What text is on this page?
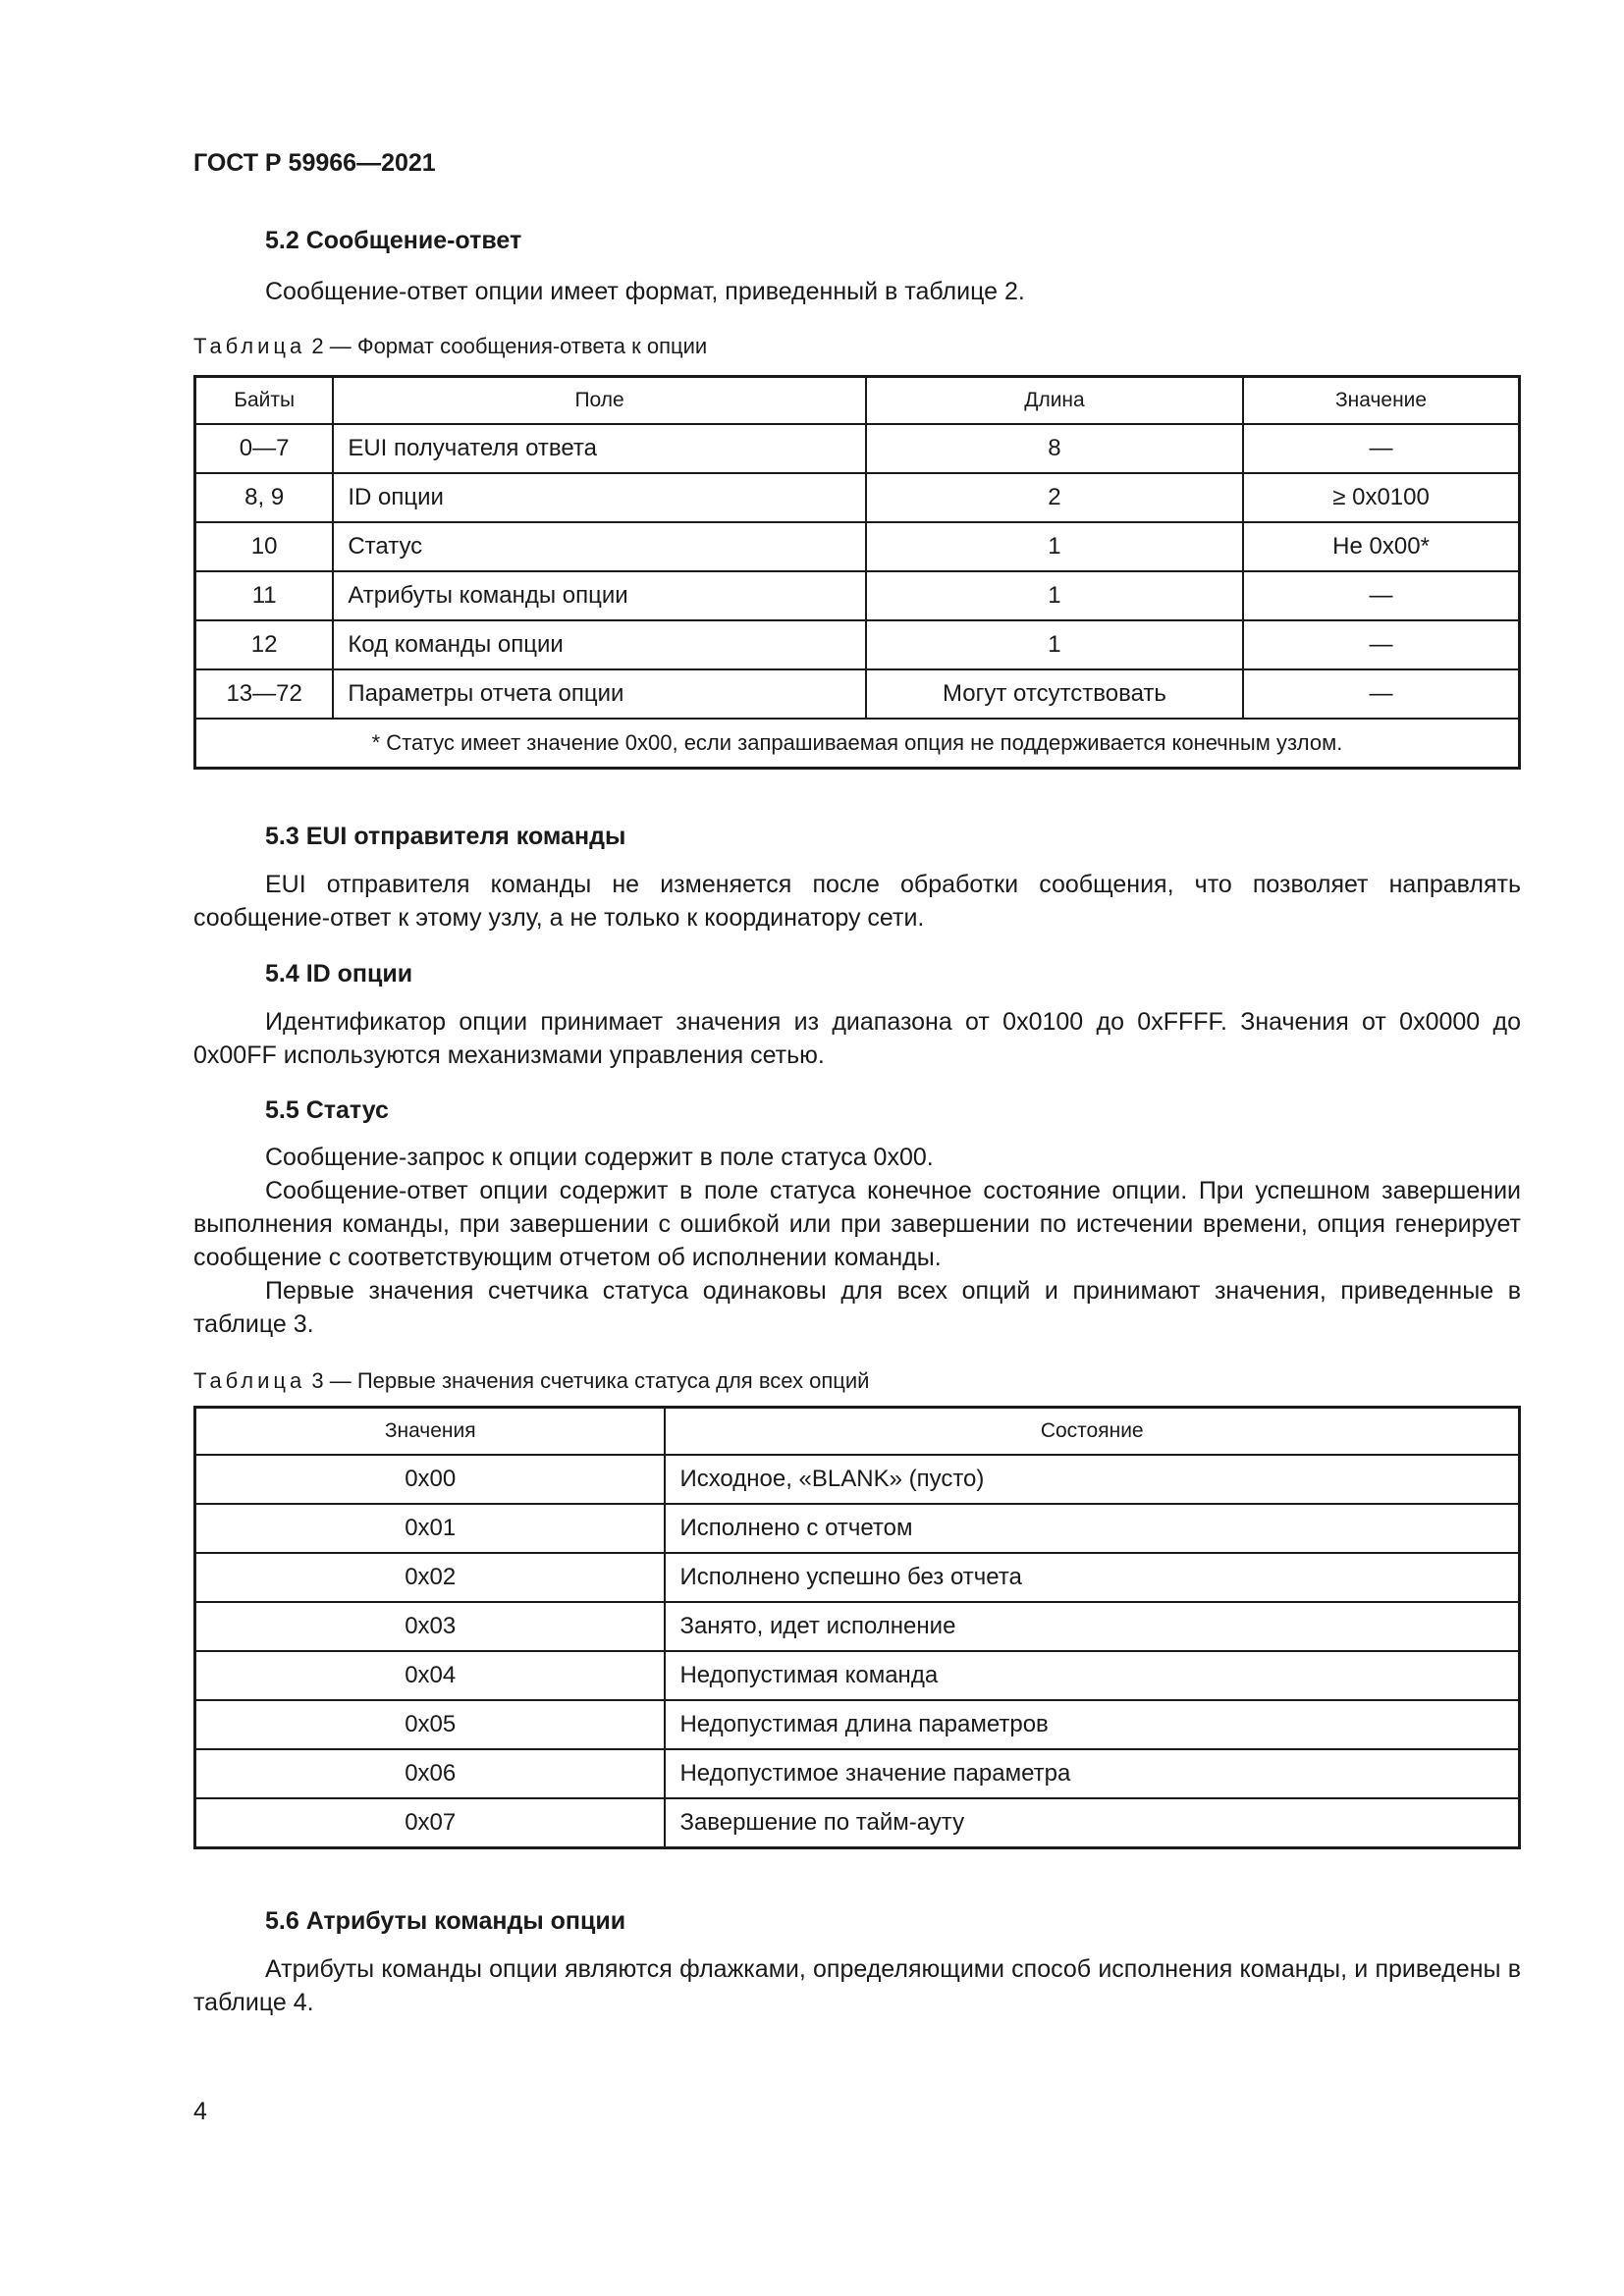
ГОСТ Р 59966—2021
5.2 Сообщение-ответ

Сообщение-ответ опции имеет формат, приведенный в таблице 2.

Таблица 2 — Формат сообщения-ответа к опции
Байты	Поле	Длина	Значение
0—7	EUI получателя ответа	8	—
8, 9	ID опции	2	≥ 0x0100
10	Статус	1	Не 0x00*
11	Атрибуты команды опции	1	—
12	Код команды опции	1	—
13—72	Параметры отчета опции	Могут отсутствовать	—
* Статус имеет значение 0x00, если запрашиваемая опция не поддерживается конечным узлом.			
5.3 EUI отправителя команды

EUI отправителя команды не изменяется после обработки сообщения, что позволяет направлять сообщение-ответ к этому узлу, а не только к координатору сети.

5.4 ID опции

Идентификатор опции принимает значения из диапазона от 0x0100 до 0xFFFF. Значения от 0x0000 до 0x00FF используются механизмами управления сетью.

5.5 Статус

Сообщение-запрос к опции содержит в поле статуса 0x00.

Сообщение-ответ опции содержит в поле статуса конечное состояние опции. При успешном завершении выполнения команды, при завершении с ошибкой или при завершении по истечении времени, опция генерирует сообщение с соответствующим отчетом об исполнении команды.

Первые значения счетчика статуса одинаковы для всех опций и принимают значения, приведенные в таблице 3.

Таблица 3 — Первые значения счетчика статуса для всех опций
Значения	Состояние
0x00	Исходное, «BLANK» (пусто)
0x01	Исполнено с отчетом
0x02	Исполнено успешно без отчета
0x03	Занято, идет исполнение
0x04	Недопустимая команда
0x05	Недопустимая длина параметров
0x06	Недопустимое значение параметра
0x07	Завершение по тайм-ауту
5.6 Атрибуты команды опции

Атрибуты команды опции являются флажками, определяющими способ исполнения команды, и приведены в таблице 4.

4
